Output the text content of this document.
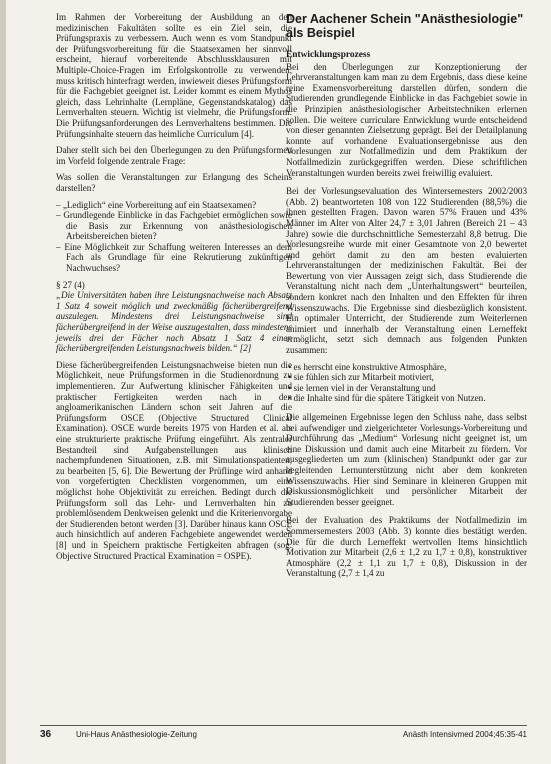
Im Rahmen der Vorbereitung der Ausbildung an den medizinischen Fakultäten sollte es ein Ziel sein, die Prüfungspraxis zu verbessern. Auch wenn es vom Standpunkt der Prüfungsvorbereitung für die Staatsexamen her sinnvoll erscheint, hierauf vorbereitende Abschlussklausuren mit Multiple-Choice-Fragen im Erfolgskontrolle zu verwenden, muss kritisch hinterfragt werden, inwieweit dieses Prüfungsform für die Fachgebiet geeignet ist. Leider kommt es einem Mythos gleich, dass Lehrinhalte (Lernpläne, Gegenstandskatalog) das Lernverhalten steuern. Wichtig ist vielmehr, die Prüfungsform. Die Prüfungsanforderungen des Lernverhaltens bestimmen. Die Prüfungsinhalte steuern das heimliche Curriculum [4].

Daher stellt sich bei den Überlegungen zu den Prüfungsformen im Vorfeld folgende zentrale Frage:

Was sollen die Veranstaltungen zur Erlangung des Scheins darstellen?

– „Lediglich“ eine Vorbereitung auf ein Staatsexamen?
– Grundlegende Einblicke in das Fachgebiet ermöglichen sowie die Basis zur Erkennung von anästhesiologischen Arbeitsbereichen bieten?
– Eine Möglichkeit zur Schaffung weiteren Interesses an dem Fach als Grundlage für eine Rekrutierung zukünftigen Nachwuchses?

§ 27 (4)

„Die Universitäten haben ihre Leistungsnachweise nach Absatz 1 Satz 4 soweit möglich und zweckmäßig fächerübergreifend auszulegen. Mindestens drei Leistungsnachweise sind fächerübergreifend in der Weise auszugestalten, dass mindestens jeweils drei der Fächer nach Absatz 1 Satz 4 einen fächerübergreifenden Leistungsnachweis bilden.“ [2]

Diese fächerübergreifenden Leistungsnachweise bieten nun die Möglichkeit, neue Prüfungsformen in die Studienordnung zu implementieren. Zur Aufwertung klinischer Fähigkeiten und praktischer Fertigkeiten werden nach in den angloamerikanischen Ländern schon seit Jahren auf die Prüfungsform OSCE (Objective Structured Clinical Examination). OSCE wurde bereits 1975 von Harden et al. als eine strukturierte praktische Prüfung eingeführt. Als zentraler Bestandteil sind Aufgabenstellungen aus klinisch nachempfundenen Situationen, z.B. mit Simulationspatienten, zu bearbeiten [5, 6]. Die Bewertung der Prüflinge wird anhand von vorgefertigten Checklisten vorgenommen, um eine möglichst hohe Objektivität zu erreichen. Bedingt durch die Prüfungsform soll das Lehr- und Lernverhalten hin zu problemlösendem Denkweisen gelenkt und die Kriterienvorgabe der Studierenden betont werden [3]. Darüber hinaus kann OSCE auch hinsichtlich auf anderen Fachgebiete angewendet werden [8] und in Speichern praktische Fertigkeiten abfragen (sog. Objective Structured Practical Examination = OSPE).

Der Aachener Schein "Anästhesiologie" als Beispiel
Entwicklungsprozess

Bei den Überlegungen zur Konzeptionierung der Lehrveranstaltungen kam man zu dem Ergebnis, dass diese keine reine Examensvorbereitung darstellen dürfen, sondern die Studierenden grundlegende Einblicke in das Fachgebiet sowie in die Prinzipien anästhesiologischer Arbeitstechniken erlernen sollen. Die weitere curriculare Entwicklung wurde entscheidend von dieser genannten Zielsetzung geprägt. Bei der Detailplanung konnte auf vorhandene Evaluationsergebnisse aus den Vorlesungen zur Notfallmedizin und dem Praktikum der Notfallmedizin zurückgegriffen werden. Diese schriftlichen Veranstaltungen wurden bereits zwei freiwillig evaluiert.

Bei der Vorlesungsevaluation des Wintersemesters 2002/2003 (Abb. 2) beantworteten 108 von 122 Studierenden (88,5%) die ihnen gestellten Fragen. Davon waren 57% Frauen und 43% Männer im Alter von Alter 24,7 ± 3,01 Jahren (Bereich 21 – 43 Jahre) sowie die durchschnittliche Semesterzahl 8,8 betrug. Die Vorlesungsreihe wurde mit einer Gesamtnote von 2,0 bewertet und gehört damit zu den am besten evaluierten Lehrveranstaltungen der medizinischen Fakultät. Bei der Bewertung von vier Aussagen zeigt sich, dass Studierende die Veranstaltung nicht nach dem „Unterhaltungswert“ beurteilen, sondern konkret nach den Inhalten und den Effekten für ihren Wissenszuwachs. Die Ergebnisse sind diesbezüglich konsistent. Ein optimaler Unterricht, der Studierende zum Weiterlernen animiert und innerhalb der Veranstaltung einen Lerneffekt ermöglicht, setzt sich demnach aus folgenden Punkten zusammen:

• es herrscht eine konstruktive Atmosphäre,
• sie fühlen sich zur Mitarbeit motiviert,
• sie lernen viel in der Veranstaltung und
• die Inhalte sind für die spätere Tätigkeit von Nutzen.

Die allgemeinen Ergebnisse legen den Schluss nahe, dass selbst bei aufwendiger und zielgerichteter Vorlesungs-Vorbereitung und Durchführung das „Medium“ Vorlesung nicht geeignet ist, um eine Diskussion und damit auch eine Mitarbeit zu fördern. Vor ausgegliederten um zum (klinischen) Standpunkt oder gar zur begleitenden Lernunterstützung nicht aber dem konkreten Wissenszuwachs. Hier sind Seminare in kleineren Gruppen mit Diskussionsmöglichkeit und persönlicher Mitarbeit der Studierenden besser geeignet.

Bei der Evaluation des Praktikums der Notfallmedizin im Sommersemesters 2003 (Abb. 3) konnte dies bestätigt werden. Die für die durch Lerneffekt wertvollen Items hinsichtlich Motivation zur Mitarbeit (2,6 ± 1,2 zu 1,7 ± 0,8), konstruktiver Atmosphäre (2,2 ± 1,1 zu 1,7 ± 0,8), Diskussion in der Veranstaltung (2,7 ± 1,4 zu

36	Uni-Haus Anästhesiologie-Zeitung	Anästh Intensivmed 2004;45:35-41
